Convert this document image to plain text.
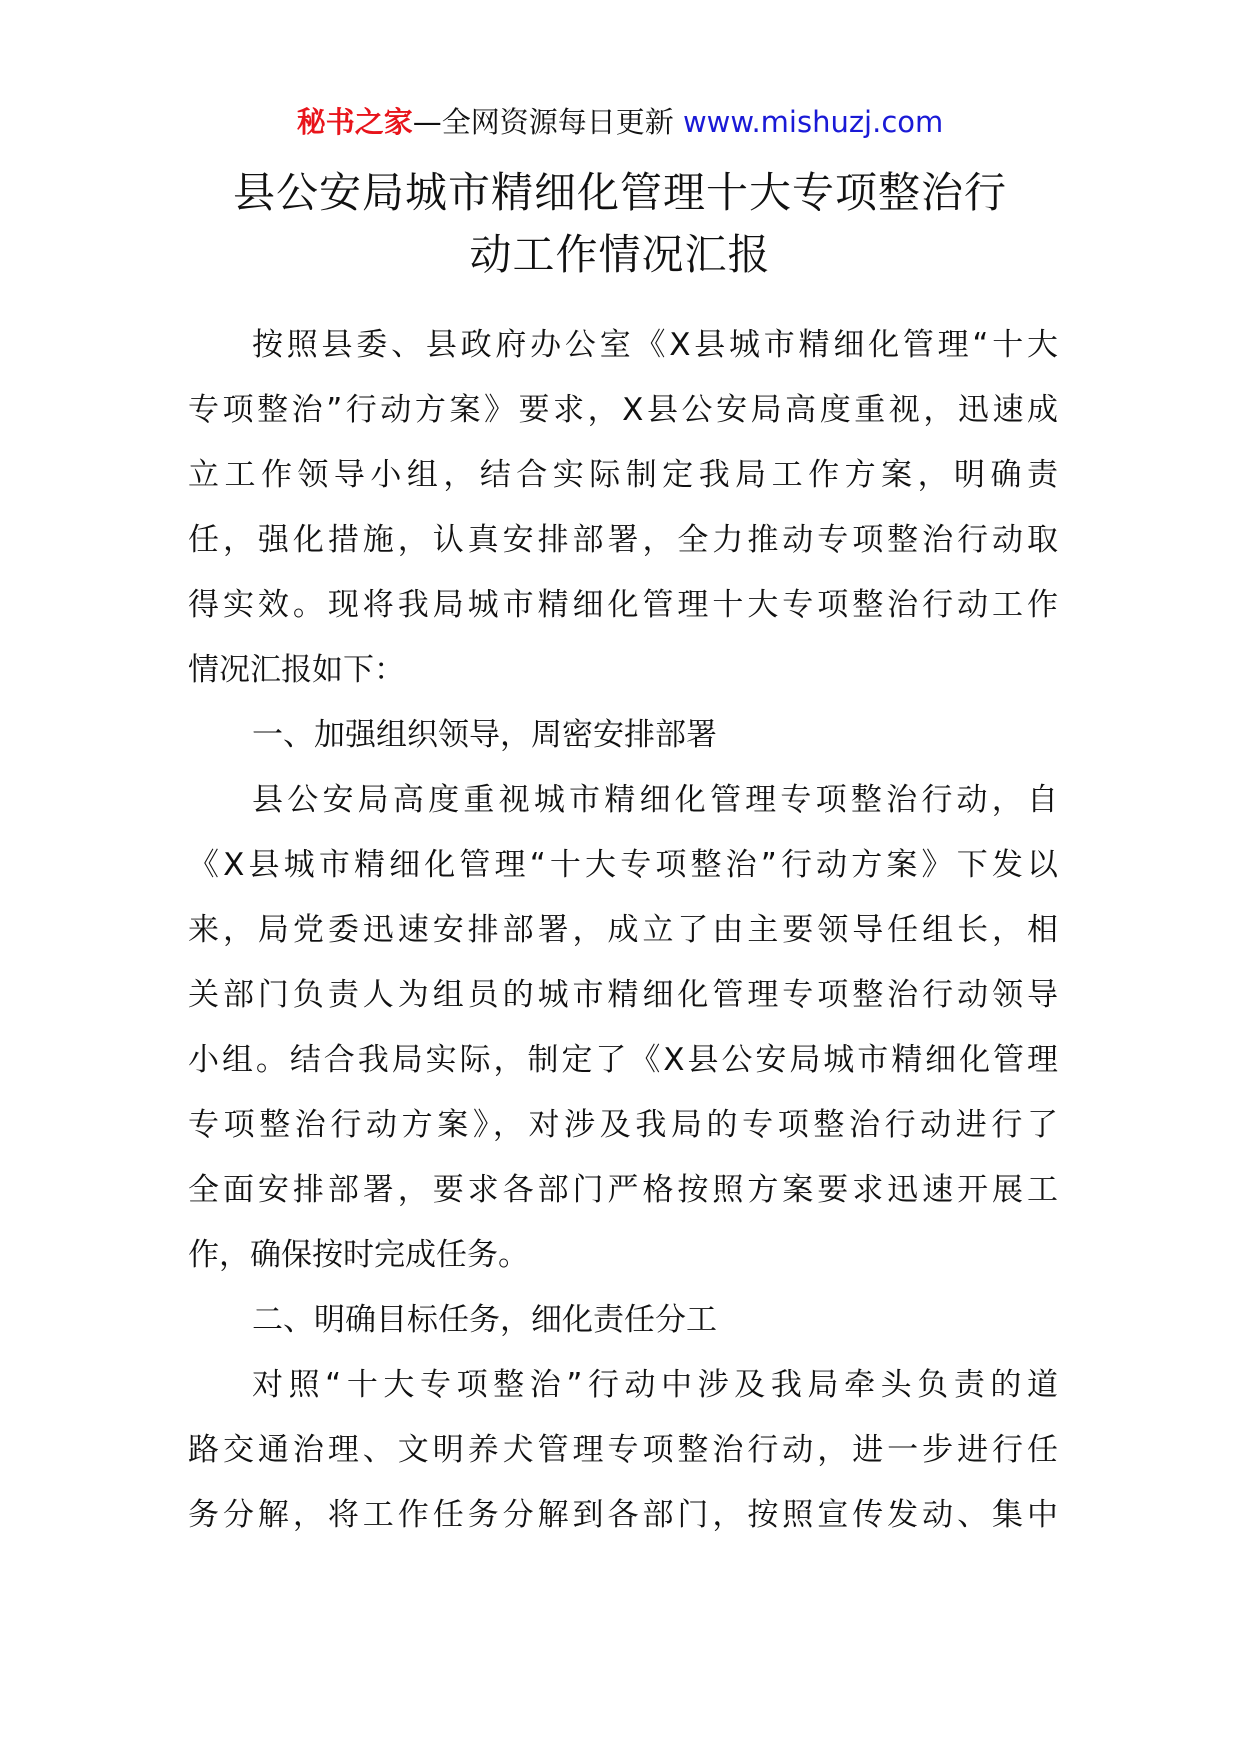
秘书之家—全网资源每日更新 www.mishuzj.com
县公安局城市精细化管理十大专项整治行
动工作情况汇报
按照县委、县政府办公室《X县城市精细化管理“十大
专项整治”行动方案》要求，X县公安局高度重视，迅速成
立工作领导小组，结合实际制定我局工作方案，明确责
任，强化措施，认真安排部署，全力推动专项整治行动取
得实效。现将我局城市精细化管理十大专项整治行动工作
情况汇报如下：
一、加强组织领导，周密安排部署
县公安局高度重视城市精细化管理专项整治行动，自
《X县城市精细化管理“十大专项整治”行动方案》下发以
来，局党委迅速安排部署，成立了由主要领导任组长，相
关部门负责人为组员的城市精细化管理专项整治行动领导
小组。结合我局实际，制定了《X县公安局城市精细化管理
专项整治行动方案》，对涉及我局的专项整治行动进行了
全面安排部署，要求各部门严格按照方案要求迅速开展工
作，确保按时完成任务。
二、明确目标任务，细化责任分工
对照“十大专项整治”行动中涉及我局牵头负责的道
路交通治理、文明养犬管理专项整治行动，进一步进行任
务分解，将工作任务分解到各部门，按照宣传发动、集中
